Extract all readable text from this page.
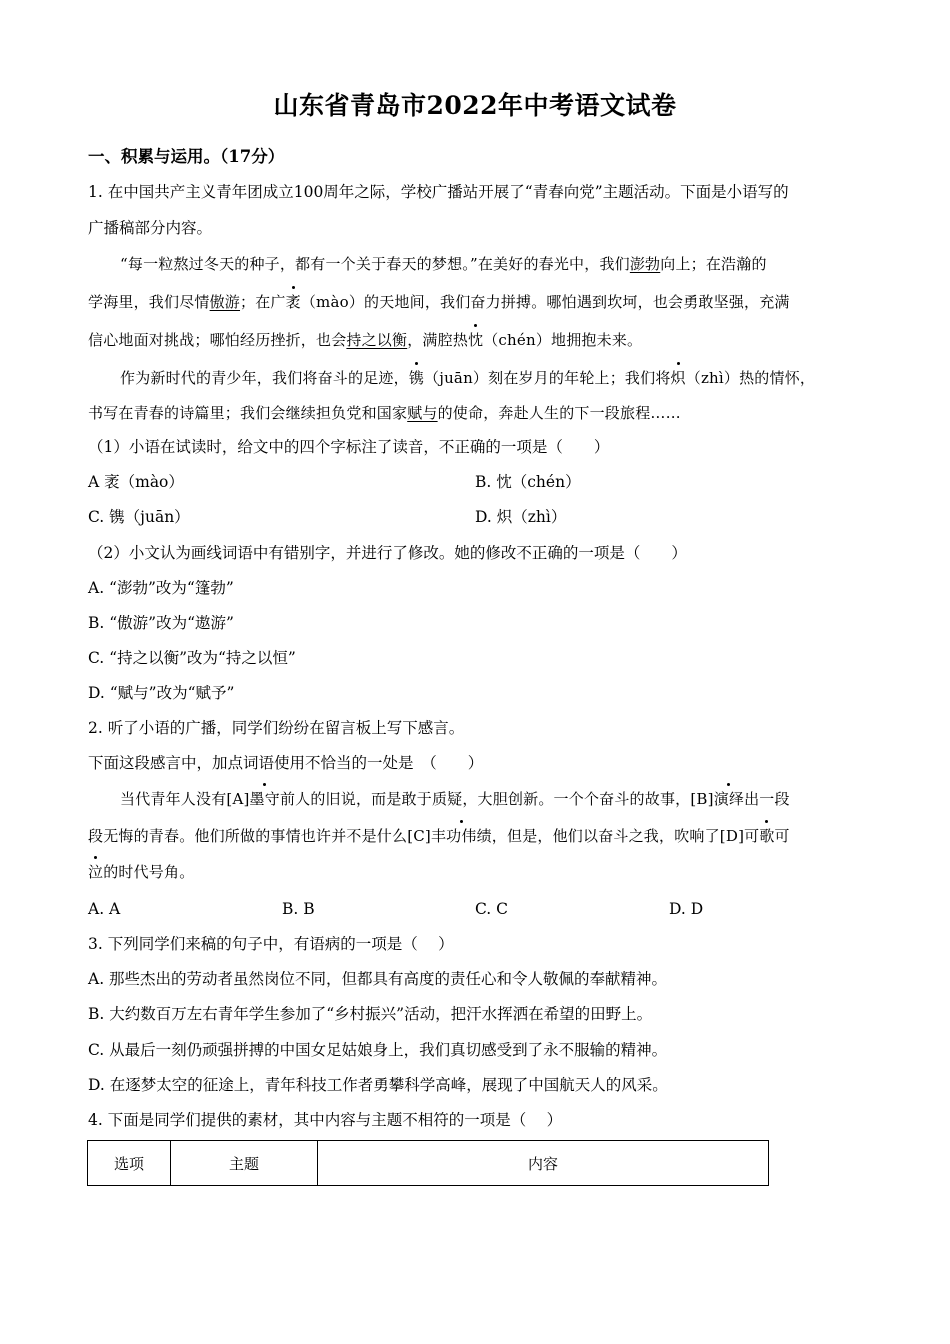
山东省青岛市2022年中考语文试卷
一、积累与运用。（17分）
1. 在中国共产主义青年团成立100周年之际，学校广播站开展了“青春向党”主题活动。下面是小语写的
广播稿部分内容。
“每一粒熬过冬天的种子，都有一个关于春天的梦想。”在美好的春光中，我们澎勃向上；在浩瀚的
学海里，我们尽情傲游；在广袤（mào）的天地间，我们奋力拼搏。哪怕遇到坎坷，也会勇敢坚强，充满
信心地面对挑战；哪怕经历挫折，也会持之以衡，满腔热忱（chén）地拥抱未来。
作为新时代的青少年，我们将奋斗的足迹，镌（juān）刻在岁月的年轮上；我们将炽（zhì）热的情怀，
书写在青春的诗篇里；我们会继续担负党和国家赋与的使命，奔赴人生的下一段旅程……
（1）小语在试读时，给文中的四个字标注了读音，不正确的一项是（　　）
A 袤（mào）	B. 忱（chén）
C. 镌（juān）	D. 炽（zhì）
（2）小文认为画线词语中有错别字，并进行了修改。她的修改不正确的一项是（　　）
A. “澎勃”改为“篷勃”
B. “傲游”改为“遨游”
C. “持之以衡”改为“持之以恒”
D. “赋与”改为“赋予”
2. 听了小语的广播，同学们纷纷在留言板上写下感言。
下面这段感言中，加点词语使用不恰当的一处是　（　　）
当代青年人没有[A]墨守前人的旧说，而是敢于质疑，大胆创新。一个个奋斗的故事，[B]演绎出一段
段无悔的青春。他们所做的事情也许并不是什么[C]丰功伟绩，但是，他们以奋斗之我，吹响了[D]可歌可
泣的时代号角。
A. A	B. B	C. C	D. D
3. 下列同学们来稿的句子中，有语病的一项是（　 ）
A. 那些杰出的劳动者虽然岗位不同，但都具有高度的责任心和令人敬佩的奉献精神。
B. 大约数百万左右青年学生参加了“乡村振兴”活动，把汗水挥洒在希望的田野上。
C. 从最后一刻仍顽强拼搏的中国女足姑娘身上，我们真切感受到了永不服输的精神。
D. 在逐梦太空的征途上，青年科技工作者勇攀科学高峰，展现了中国航天人的风采。
4. 下面是同学们提供的素材，其中内容与主题不相符的一项是（　 ）
选项	主题	内容
